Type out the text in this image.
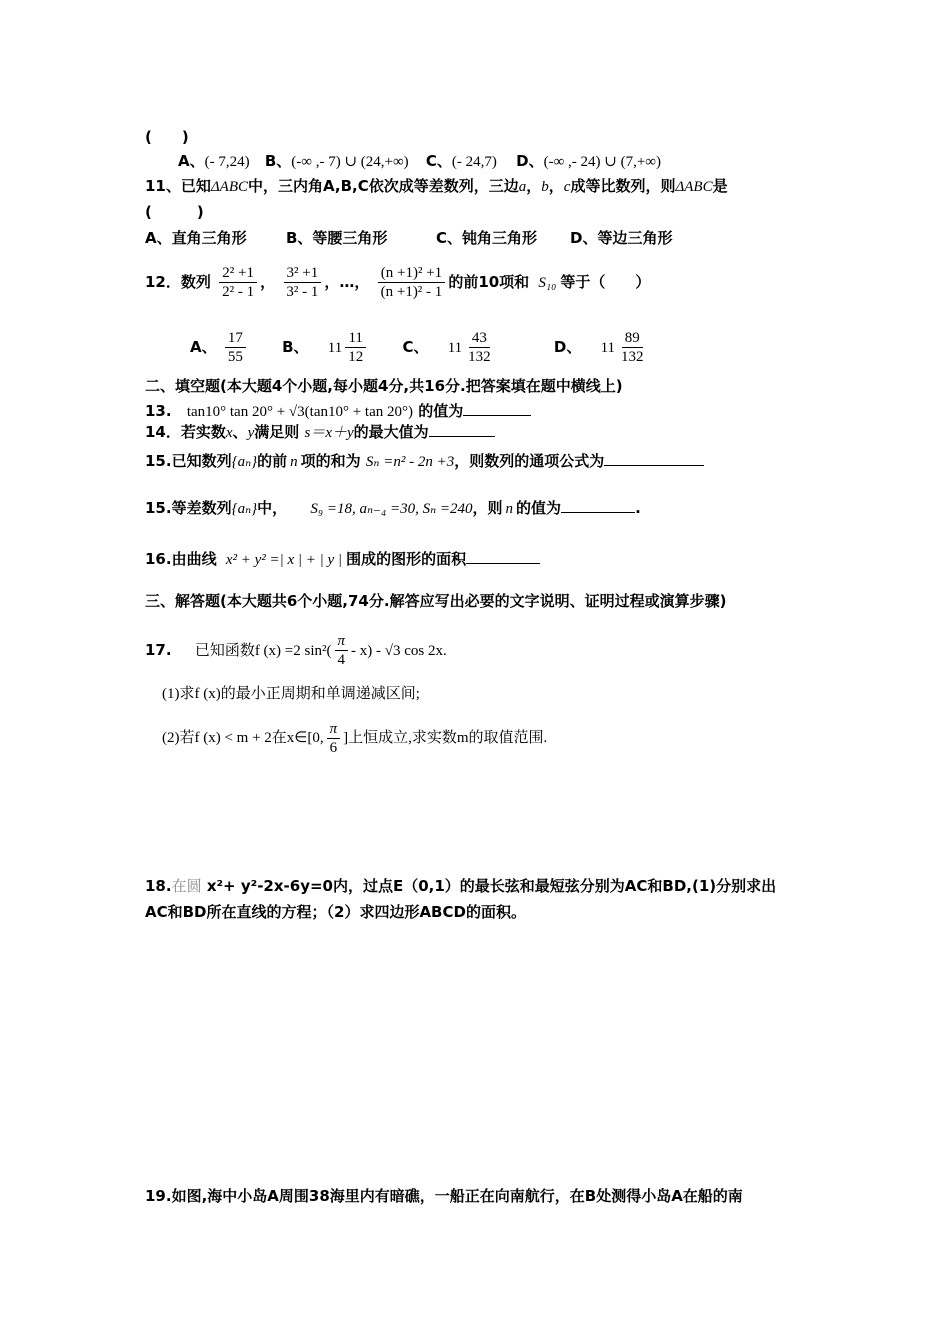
(　　)
A、(- 7,24) B、(-∞ ,- 7) ∪ (24,+∞) C、(- 24,7) D、(-∞ ,- 24) ∪ (7,+∞)
11、已知ΔABC中，三内角A,B,C依次成等差数列，三边a，b，c成等比数列，则ΔABC是
(　　　)
A、直角三角形	B、等腰三角形	C、钝角三角形 D、等边三角形
12．数列 $\frac{\text{2² +1}}{\text{2² - 1}}$ ， $\frac{\text{3² +1}}{\text{3² - 1}}$ ，…， $\frac{\text{(n +1)² +1}}{\text{(n +1)² - 1}}$ 的前10项和 S₁₀ 等于（　　）
A、 $\frac{17}{55}$ B、 $11 \frac{11}{12}$ C、 $11 \frac{43}{132}$	D、 $11 \frac{89}{132}$
二、填空题(本大题4个小题,每小题4分,共16分.把答案填在题中横线上)
13. tan10° tan 20° + √3(tan10° + tan 20°) 的值为
14．若实数x、y满足则 s＝x＋y的最大值为
15.已知数列{aₙ}的前 n 项的和为 Sₙ =n² - 2n +3，则数列的通项公式为
15.等差数列{aₙ}中， S₉ =18, aₙ₋₄ =30, Sₙ =240，则 n 的值为	.
16.由曲线 x² + y² =| x | + | y | 围成的图形的面积
三、解答题(本大题共6个小题,74分.解答应写出必要的文字说明、证明过程或演算步骤)
17. 已知函数f (x) =2 $\sin^2( \frac{\pi}{4} - x) - √3$ cos 2x.
(1)求f (x)的最小正周期和单调递减区间;
(2)若f (x) < m + 2在x∈[0, $\frac{\pi}{6}$ ]上恒成立,求实数m的取值范围.
18.在圆 x²+ y²-2x-6y=0内，过点E（0,1）的最长弦和最短弦分别为AC和BD,(1)分别求出
AC和BD所在直线的方程；（2）求四边形ABCD的面积。
19.如图,海中小岛A周围38海里内有暗礁，一船正在向南航行，在B处测得小岛A在船的南
